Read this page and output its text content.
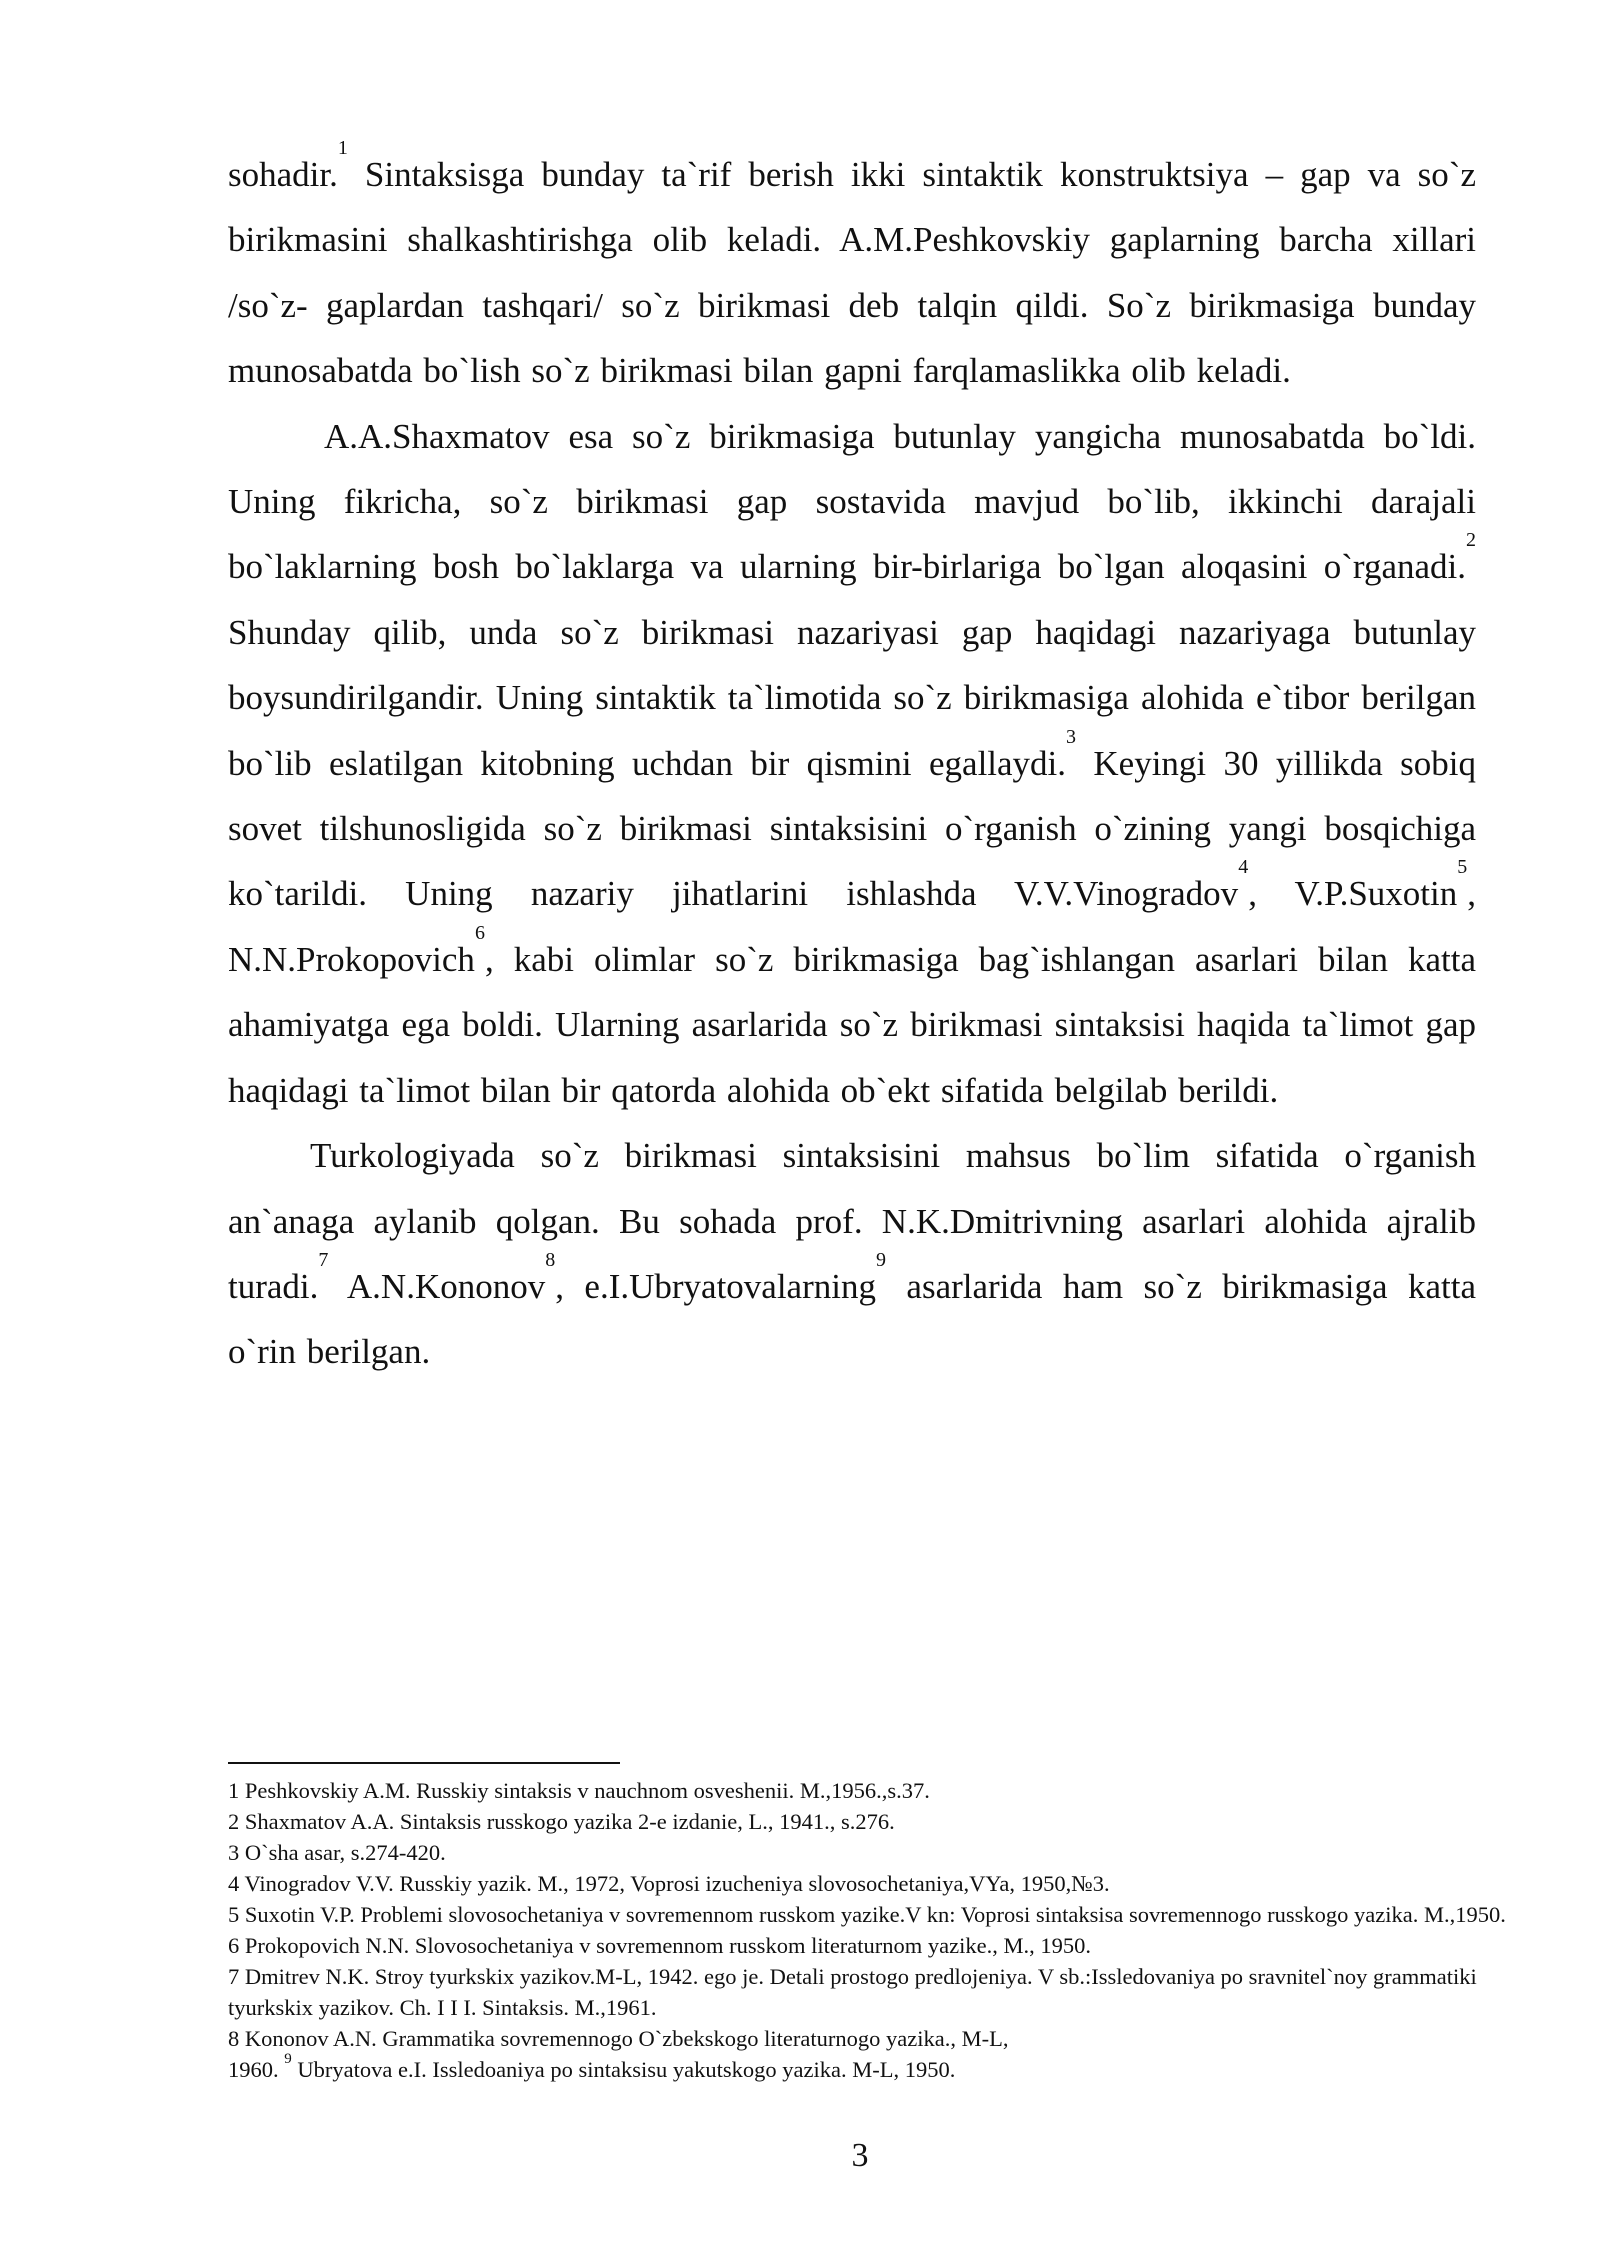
sohadir.$^1$ Sintaksisga bunday ta`rif berish ikki sintaktik konstruktsiya – gap va so`z birikmasini shalkashtirishga olib keladi. A.M.Peshkovskiy gaplarning barcha xillari /so`z- gaplardan tashqari/ so`z birikmasi deb talqin qildi. So`z birikmasiga bunday munosabatda bo`lish so`z birikmasi bilan gapni farqlamaslikka olib keladi.

A.A.Shaxmatov esa so`z birikmasiga butunlay yangicha munosabatda bo`ldi. Uning fikricha, so`z birikmasi gap sostavida mavjud bo`lib, ikkinchi darajali bo`laklarning bosh bo`laklarga va ularning bir-birlariga bo`lgan aloqasini o`rganadi.$^2$ Shunday qilib, unda so`z birikmasi nazariyasi gap haqidagi nazariyaga butunlay boysundirilgandir. Uning sintaktik ta`limotida so`z birikmasiga alohida e`tibor berilgan bo`lib eslatilgan kitobning uchdan bir qismini egallaydi.$^3$ Keyingi 30 yillikda sobiq sovet tilshunosligida so`z birikmasi sintaksisini o`rganish o`zining yangi bosqichiga ko`tarildi. Uning nazariy jihatlarini ishlashda V.V.Vinogradov$^4$, V.P.Suxotin$^5$, N.N.Prokopovich$^6$, kabi olimlar so`z birikmasiga bag`ishlangan asarlari bilan katta ahamiyatga ega boldi. Ularning asarlarida so`z birikmasi sintaksisi haqida ta`limot gap haqidagi ta`limot bilan bir qatorda alohida ob`ekt sifatida belgilab berildi.

Turkologiyada so`z birikmasi sintaksisini mahsus bo`lim sifatida o`rganish an`anaga aylanib qolgan. Bu sohada prof. N.K.Dmitrivning asarlari alohida ajralib turadi.$^7$ A.N.Kononov$^8$, e.I.Ubryatovalarning$^9$ asarlarida ham so`z birikmasiga katta o`rin berilgan.

1 Peshkovskiy A.M. Russkiy sintaksis v nauchnom osveshenii. M.,1956.,s.37.
2 Shaxmatov A.A. Sintaksis russkogo yazika 2-e izdanie, L., 1941., s.276.
3 O`sha asar, s.274-420.
4 Vinogradov V.V. Russkiy yazik. M., 1972, Voprosi izucheniya slovosochetaniya,VYa, 1950,№3.
5 Suxotin V.P. Problemi slovosochetaniya v sovremennom russkom yazike.V kn: Voprosi sintaksisa sovremennogo russkogo yazika. M.,1950.
6 Prokopovich N.N. Slovosochetaniya v sovremennom russkom literaturnom yazike., M., 1950.
7 Dmitrev N.K. Stroy tyurkskix yazikov.M-L, 1942. ego je. Detali prostogo predlojeniya. V sb.:Issledovaniya po sravnitel`noy grammatiki tyurkskix yazikov. Ch. I I I. Sintaksis. M.,1961.
8 Kononov A.N. Grammatika sovremennogo O`zbekskogo literaturnogo yazika., M-L,
1960. $^9$ Ubryatova e.I. Issledoaniya po sintaksisu yakutskogo yazika. M-L, 1950.
3
